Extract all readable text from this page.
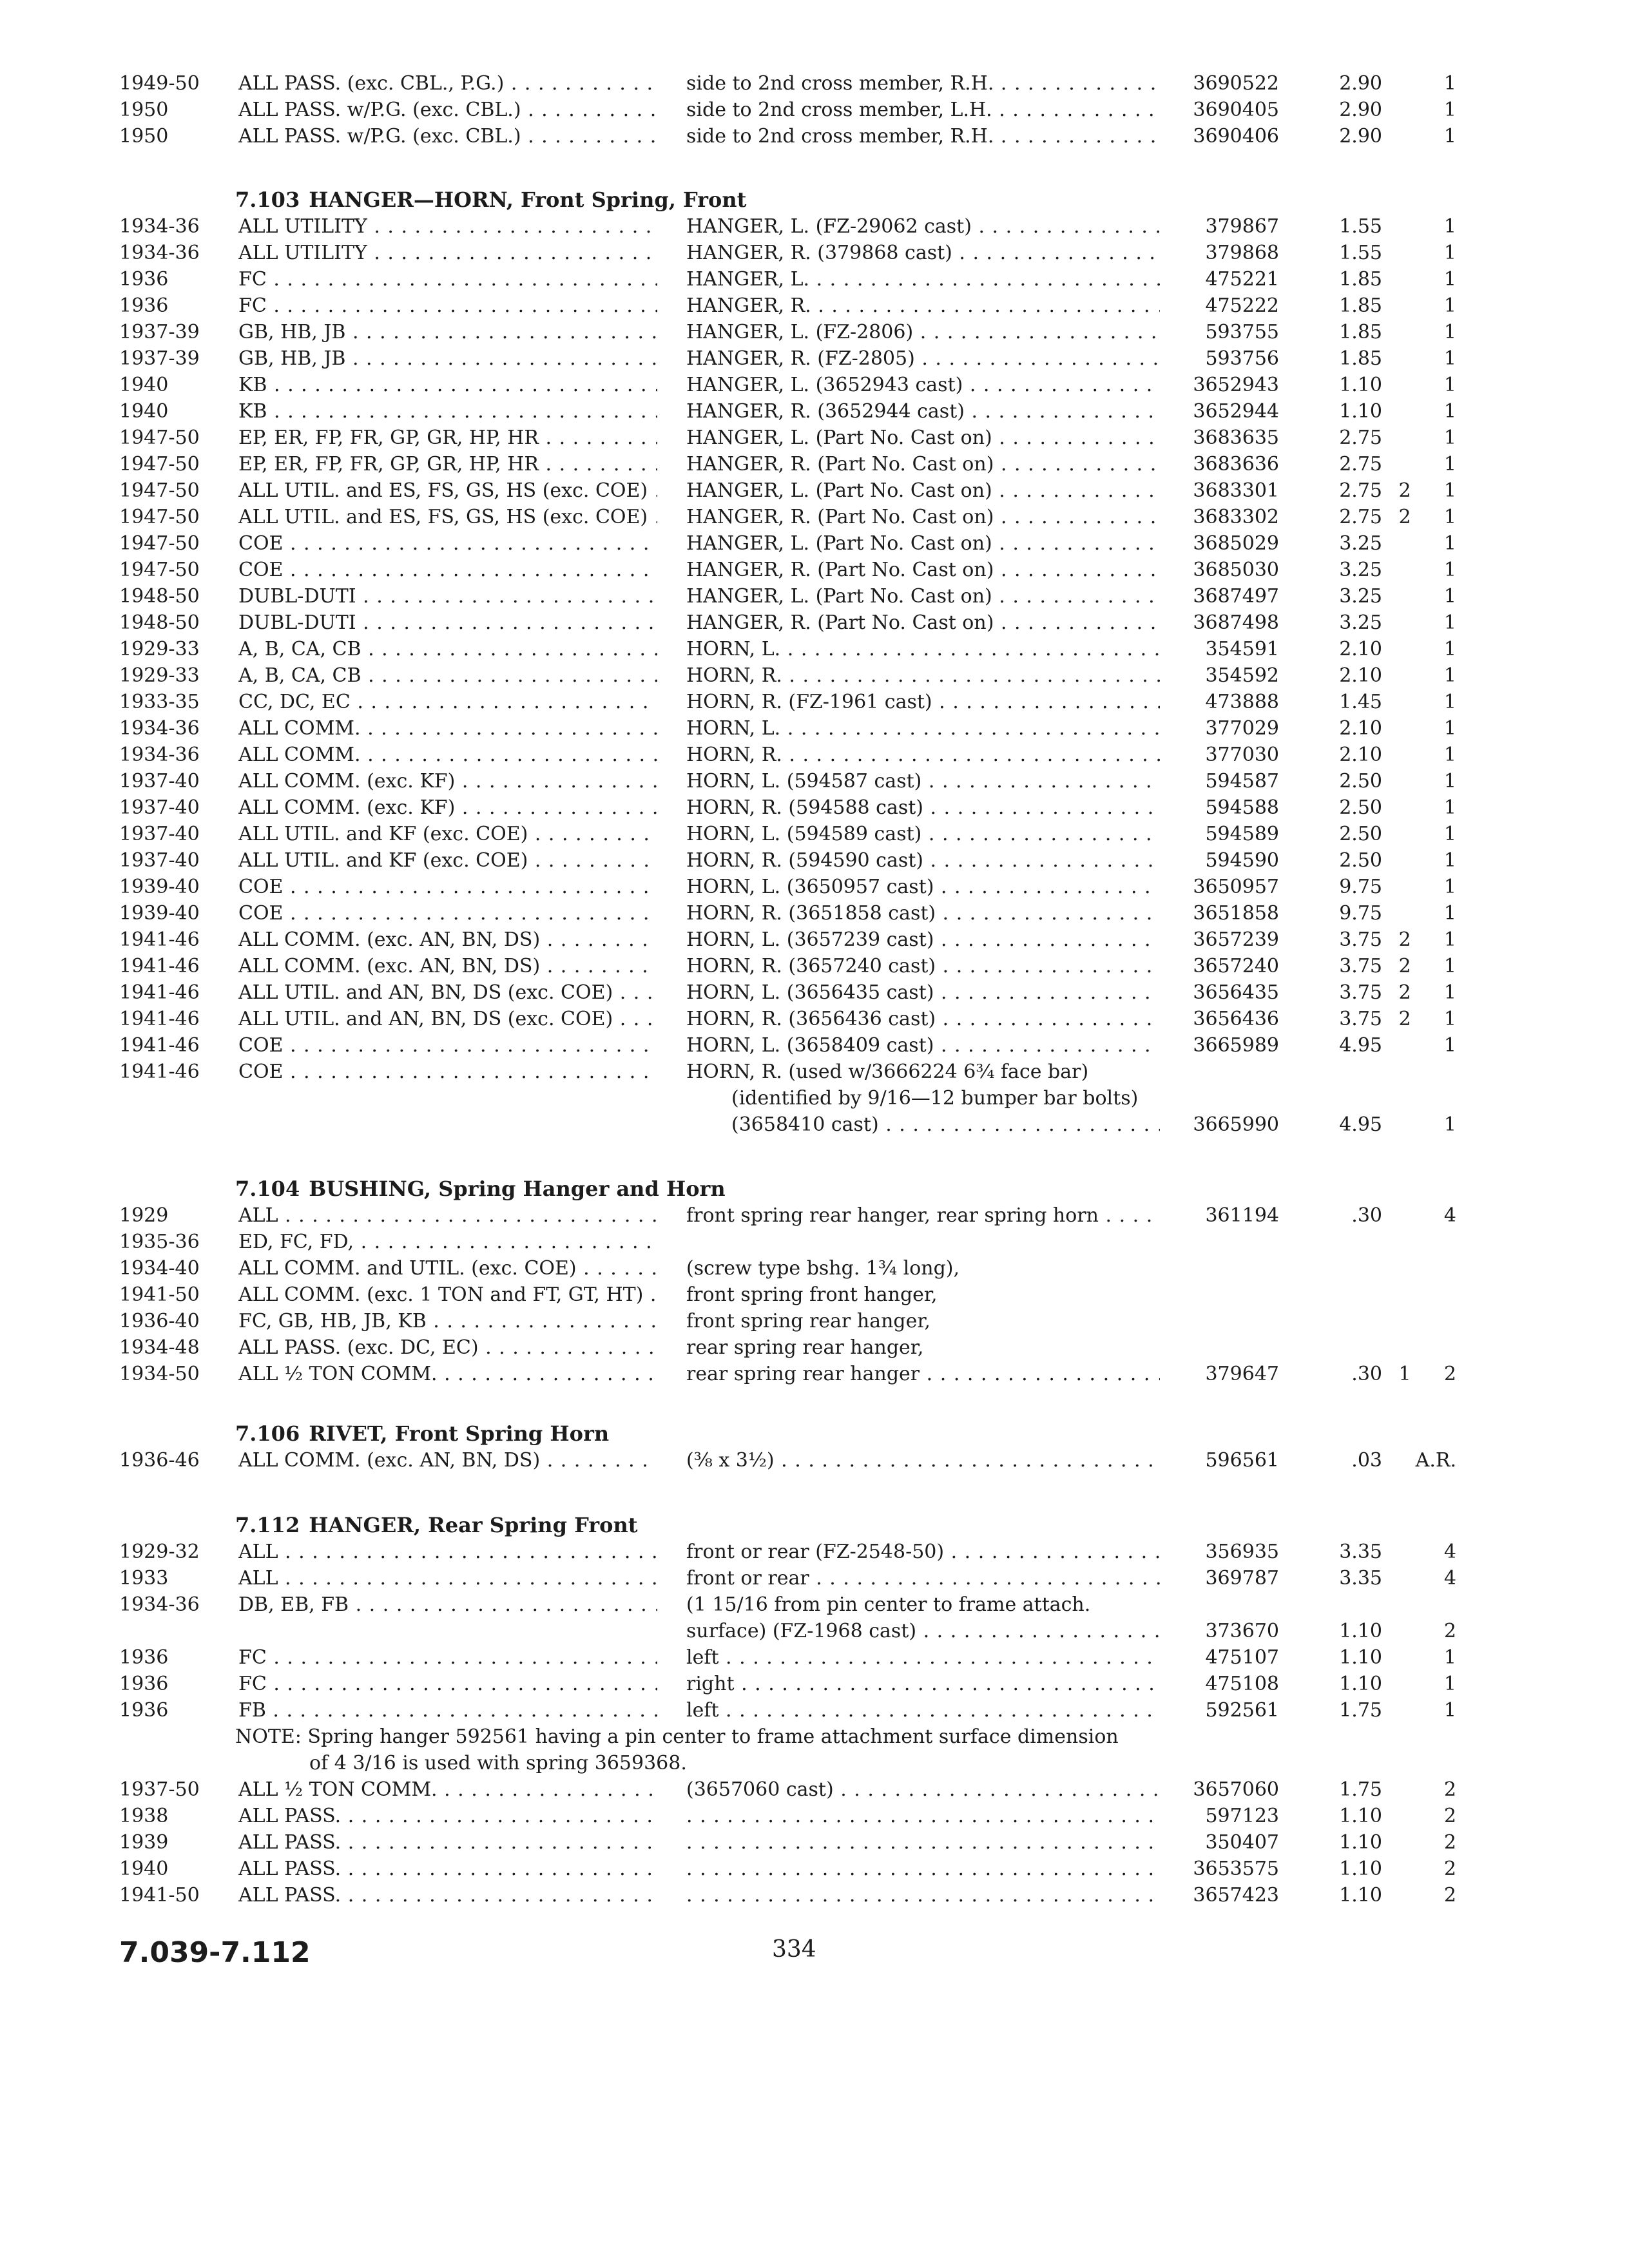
1949-50 ALL PASS. (exc. CBL., P.G.) . . .	side to 2nd cross member, R.H. . . .	3690522	2.90	1
1950	ALL PASS. w/P.G. (exc. CBL.) . . .	side to 2nd cross member, L.H. . . .	3690405	2.90	1
1950	ALL PASS. w/P.G. (exc. CBL.) . . .	side to 2nd cross member, R.H. . . .	3690406	2.90	1
7.103 HANGER—HORN, Front Spring, Front
1934-36 ALL UTILITY . . .	HANGER, L. (FZ-29062 cast) . . .	379867	1.55	1
1934-36 ALL UTILITY . . .	HANGER, R. (379868 cast) . . .	379868	1.55	1
1936	FC . . .	HANGER, L. . . .	475221	1.85	1
1936	FC . . .	HANGER, R. . . .	475222	1.85	1
1937-39 GB, HB, JB . . .	HANGER, L. (FZ-2806) . . .	593755	1.85	1
1937-39 GB, HB, JB . . .	HANGER, R. (FZ-2805) . . .	593756	1.85	1
1940	KB . . .	HANGER, L. (3652943 cast) . . .	3652943	1.10	1
1940	KB . . .	HANGER, R. (3652944 cast) . . .	3652944	1.10	1
1947-50 EP, ER, FP, FR, GP, GR, HP, HR . . .	HANGER, L. (Part No. Cast on) . . .	3683635	2.75	1
1947-50 EP, ER, FP, FR, GP, GR, HP, HR . . .	HANGER, R. (Part No. Cast on) . . .	3683636	2.75	1
1947-50 ALL UTIL. and ES, FS, GS, HS (exc. COE) . . .	HANGER, L. (Part No. Cast on) . . .	3683301	2.75 2	1
1947-50 ALL UTIL. and ES, FS, GS, HS (exc. COE) . . .	HANGER, R. (Part No. Cast on) . . .	3683302	2.75 2	1
1947-50 COE . . .	HANGER, L. (Part No. Cast on) . . .	3685029	3.25	1
1947-50 COE . . .	HANGER, R. (Part No. Cast on) . . .	3685030	3.25	1
1948-50 DUBL-DUTI . . .	HANGER, L. (Part No. Cast on) . . .	3687497	3.25	1
1948-50 DUBL-DUTI . . .	HANGER, R. (Part No. Cast on) . . .	3687498	3.25	1
1929-33 A, B, CA, CB . . .	HORN, L. . . .	354591	2.10	1
1929-33 A, B, CA, CB . . .	HORN, R. . . .	354592	2.10	1
1933-35 CC, DC, EC . . .	HORN, R. (FZ-1961 cast) . . .	473888	1.45	1
1934-36 ALL COMM. . . .	HORN, L. . . .	377029	2.10	1
1934-36 ALL COMM. . . .	HORN, R. . . .	377030	2.10	1
1937-40 ALL COMM. (exc. KF) . . .	HORN, L. (594587 cast) . . .	594587	2.50	1
1937-40 ALL COMM. (exc. KF) . . .	HORN, R. (594588 cast) . . .	594588	2.50	1
1937-40 ALL UTIL. and KF (exc. COE) . . .	HORN, L. (594589 cast) . . .	594589	2.50	1
1937-40 ALL UTIL. and KF (exc. COE) . . .	HORN, R. (594590 cast) . . .	594590	2.50	1
1939-40 COE . . .	HORN, L. (3650957 cast) . . .	3650957	9.75	1
1939-40 COE . . .	HORN, R. (3651858 cast) . . .	3651858	9.75	1
1941-46 ALL COMM. (exc. AN, BN, DS) . . .	HORN, L. (3657239 cast) . . .	3657239	3.75 2	1
1941-46 ALL COMM. (exc. AN, BN, DS) . . .	HORN, R. (3657240 cast) . . .	3657240	3.75 2	1
1941-46 ALL UTIL. and AN, BN, DS (exc. COE) . . .	HORN, L. (3656435 cast) . . .	3656435	3.75 2	1
1941-46 ALL UTIL. and AN, BN, DS (exc. COE) . . .	HORN, R. (3656436 cast) . . .	3656436	3.75 2	1
1941-46 COE . . .	HORN, L. (3658409 cast) . . .	3665989	4.95	1
1941-46 COE . . .	HORN, R. (used w/3666224 6¾ face bar)
(identified by 9/16—12 bumper bar bolts)
(3658410 cast) . . .	3665990	4.95	1
7.104 BUSHING, Spring Hanger and Horn
1929	ALL . . .	front spring rear hanger, rear spring horn . . .	361194	.30	4
1935-36 ED, FC, FD, . . .
1934-40 ALL COMM. and UTIL. (exc. COE) . . .	(screw type bshg. 1¾ long),
1941-50 ALL COMM. (exc. 1 TON and FT, GT, HT) . . .	front spring front hanger,
1936-40 FC, GB, HB, JB, KB . . .	front spring rear hanger,
1934-48 ALL PASS. (exc. DC, EC) . . .	rear spring rear hanger,
1934-50 ALL ½ TON COMM. . . .	rear spring rear hanger . . .	379647	.30 1	2
7.106 RIVET, Front Spring Horn
1936-46 ALL COMM. (exc. AN, BN, DS) . . .	(⅜ x 3½) . . .	596561	.03 A.R.
7.112 HANGER, Rear Spring Front
1929-32 ALL . . .	front or rear (FZ-2548-50) . . .	356935	3.35	4
1933	ALL . . .	front or rear . . .	369787	3.35	4
1934-36 DB, EB, FB . . .	(1 15/16 from pin center to frame attach.
surface) (FZ-1968 cast) . . .	373670	1.10	2
1936	FC . . .	left . . .	475107	1.10	1
1936	FC . . .	right . . .	475108	1.10	1
1936	FB . . .	left . . .	592561	1.75	1
NOTE: Spring hanger 592561 having a pin center to frame attachment surface dimension
of 4 3/16 is used with spring 3659368.
1937-50 ALL ½ TON COMM. . . .	(3657060 cast) . . .	3657060	1.75	2
1938	ALL PASS. . . . . . .	597123	1.10	2
1939	ALL PASS. . . . . . .	350407	1.10	2
1940	ALL PASS. . . . . . .	3653575	1.10	2
1941-50 ALL PASS. . . . . . .	3657423	1.10	2
7.039-7.112	334
